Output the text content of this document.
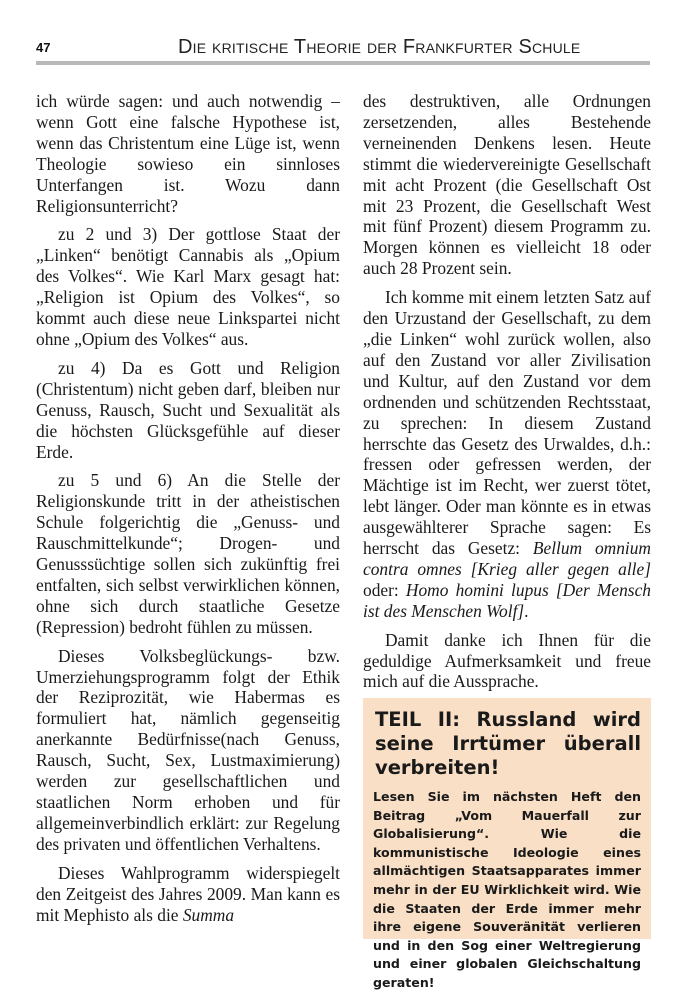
47	Die kritische Theorie der Frankfurter Schule

ich würde sagen: und auch notwendig – wenn Gott eine falsche Hypothese ist, wenn das Christentum eine Lüge ist, wenn Theologie sowieso ein sinnloses Unterfangen ist. Wozu dann Religionsunterricht?

zu 2 und 3) Der gottlose Staat der „Linken“ benötigt Cannabis als „Opium des Volkes“. Wie Karl Marx gesagt hat: „Religion ist Opium des Volkes“, so kommt auch diese neue Linkspartei nicht ohne „Opium des Volkes“ aus.

zu 4) Da es Gott und Religion (Christentum) nicht geben darf, bleiben nur Genuss, Rausch, Sucht und Sexualität als die höchsten Glücksgefühle auf dieser Erde.

zu 5 und 6) An die Stelle der Religionskunde tritt in der atheistischen Schule folgerichtig die „Genuss- und Rauschmittelkunde“; Drogen- und Genusssüchtige sollen sich zukünftig frei entfalten, sich selbst verwirklichen können, ohne sich durch staatliche Gesetze (Repression) bedroht fühlen zu müssen.

Dieses Volksbeglückungs- bzw. Umerziehungsprogramm folgt der Ethik der Reziprozität, wie Habermas es formuliert hat, nämlich gegenseitig anerkannte Bedürfnisse(nach Genuss, Rausch, Sucht, Sex, Lustmaximierung) werden zur gesellschaftlichen und staatlichen Norm erhoben und für allgemeinverbindlich erklärt: zur Regelung des privaten und öffentlichen Verhaltens.

Dieses Wahlprogramm widerspiegelt den Zeitgeist des Jahres 2009. Man kann es mit Mephisto als die Summa

des destruktiven, alle Ordnungen zersetzenden, alles Bestehende verneinenden Denkens lesen. Heute stimmt die wiedervereinigte Gesellschaft mit acht Prozent (die Gesellschaft Ost mit 23 Prozent, die Gesellschaft West mit fünf Prozent) diesem Programm zu. Morgen können es vielleicht 18 oder auch 28 Prozent sein.

Ich komme mit einem letzten Satz auf den Urzustand der Gesellschaft, zu dem „die Linken“ wohl zurück wollen, also auf den Zustand vor aller Zivilisation und Kultur, auf den Zustand vor dem ordnenden und schützenden Rechtsstaat, zu sprechen: In diesem Zustand herrschte das Gesetz des Urwaldes, d.h.: fressen oder gefressen werden, der Mächtige ist im Recht, wer zuerst tötet, lebt länger. Oder man könnte es in etwas ausgewählterer Sprache sagen: Es herrscht das Gesetz: Bellum omnium contra omnes [Krieg aller gegen alle] oder: Homo homini lupus [Der Mensch ist des Menschen Wolf].

Damit danke ich Ihnen für die geduldige Aufmerksamkeit und freue mich auf die Aussprache.

TEIL II: Russland wird seine Irrtümer überall verbreiten!

Lesen Sie im nächsten Heft den Beitrag „Vom Mauerfall zur Globalisierung“. Wie die kommunistische Ideologie eines allmächtigen Staatsapparates immer mehr in der EU Wirklichkeit wird. Wie die Staaten der Erde immer mehr ihre eigene Souveränität verlieren und in den Sog einer Weltregierung und einer globalen Gleichschaltung geraten!
